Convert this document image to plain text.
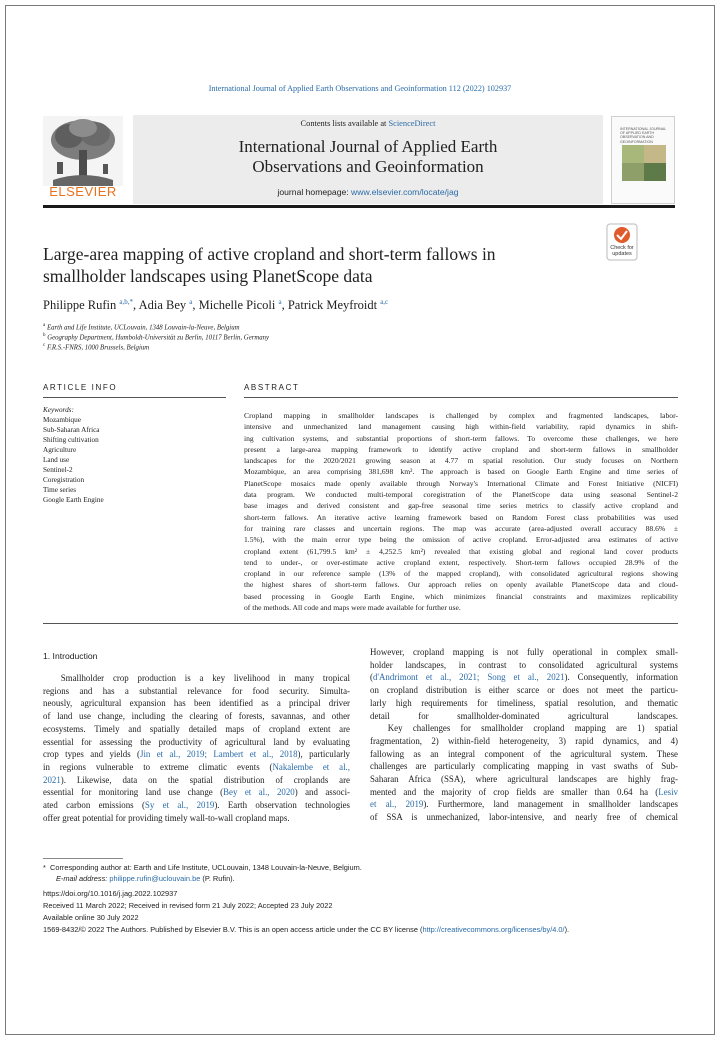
International Journal of Applied Earth Observations and Geoinformation 112 (2022) 102937
ELSEVIER
Contents lists available at ScienceDirect
International Journal of Applied Earth
Observations and Geoinformation
journal homepage: www.elsevier.com/locate/jag
INTERNATIONAL JOURNAL OF APPLIED EARTH OBSERVATION AND GEOINFORMATION
Check for
updates
Large-area mapping of active cropland and short-term fallows in
smallholder landscapes using PlanetScope data
Philippe Rufin $^{a,b,*}$, Adia Bey $^a$, Michelle Picoli $^a$, Patrick Meyfroidt $^{a,c}$
$^a$ Earth and Life Institute, UCLouvain, 1348 Louvain-la-Neuve, Belgium
$^b$ Geography Department, Humboldt-Universität zu Berlin, 10117 Berlin, Germany
$^c$ F.R.S.-FNRS, 1000 Brussels, Belgium
ARTICLE INFO	ABSTRACT
Keywords:
Mozambique
Sub-Saharan Africa
Shifting cultivation
Agriculture
Land use
Sentinel-2
Coregistration
Time series
Google Earth Engine
Cropland mapping in smallholder landscapes is challenged by complex and fragmented landscapes, labor-
intensive and unmechanized land management causing high within-field variability, rapid dynamics in shift-
ing cultivation systems, and substantial proportions of short-term fallows. To overcome these challenges, we here
present a large-area mapping framework to identify active cropland and short-term fallows in smallholder
landscapes for the 2020/2021 growing season at 4.77 m spatial resolution. Our study focuses on Northern
Mozambique, an area comprising 381,698 km². The approach is based on Google Earth Engine and time series of
PlanetScope mosaics made openly available through Norway's International Climate and Forest Initiative (NICFI)
data program. We conducted multi-temporal coregistration of the PlanetScope data using seasonal Sentinel-2
base images and derived consistent and gap-free seasonal time series metrics to classify active cropland and
short-term fallows. An iterative active learning framework based on Random Forest class probabilities was used
for training rare classes and uncertain regions. The map was accurate (area-adjusted overall accuracy 88.6% ±
1.5%), with the main error type being the omission of active cropland. Error-adjusted area estimates of active
cropland extent (61,799.5 km² ± 4,252.5 km²) revealed that existing global and regional land cover products
tend to under-, or over-estimate active cropland extent, respectively. Short-term fallows occupied 28.9% of the
cropland in our reference sample (13% of the mapped cropland), with consolidated agricultural regions showing
the highest shares of short-term fallows. Our approach relies on openly available PlanetScope data and cloud-
based processing in Google Earth Engine, which minimizes financial constraints and maximizes replicability
of the methods. All code and maps were made available for further use.
1. Introduction
  Smallholder crop production is a key livelihood in many tropical
regions and has a substantial relevance for food security. Simulta-
neously, agricultural expansion has been identified as a principal driver
of land use change, including the clearing of forests, savannas, and other
ecosystems. Timely and spatially detailed maps of cropland extent are
essential for assessing the productivity of agricultural land by evaluating
crop types and yields (Jin et al., 2019; Lambert et al., 2018), particularly
in regions vulnerable to extreme climatic events (Nakalembe et al.,
2021). Likewise, data on the spatial distribution of croplands are
essential for monitoring land use change (Bey et al., 2020) and associ-
ated carbon emissions (Sy et al., 2019). Earth observation technologies
offer great potential for providing timely wall-to-wall cropland maps.
However, cropland mapping is not fully operational in complex small-
holder landscapes, in contrast to consolidated agricultural systems
(d'Andrimont et al., 2021; Song et al., 2021). Consequently, information
on cropland distribution is either scarce or does not meet the particu-
larly high requirements for timeliness, spatial resolution, and thematic
detail for smallholder-dominated agricultural landscapes.
  Key challenges for smallholder cropland mapping are 1) spatial
fragmentation, 2) within-field heterogeneity, 3) rapid dynamics, and 4)
fallowing as an integral component of the agricultural system. These
challenges are particularly complicating mapping in vast swaths of Sub-
Saharan Africa (SSA), where agricultural landscapes are highly frag-
mented and the majority of crop fields are smaller than 0.64 ha (Lesiv
et al., 2019). Furthermore, land management in smallholder landscapes
of SSA is unmechanized, labor-intensive, and nearly free of chemical
* Corresponding author at: Earth and Life Institute, UCLouvain, 1348 Louvain-la-Neuve, Belgium.
E-mail address: philippe.rufin@uclouvain.be (P. Rufin).
https://doi.org/10.1016/j.jag.2022.102937
Received 11 March 2022; Received in revised form 21 July 2022; Accepted 23 July 2022
Available online 30 July 2022
1569-8432/© 2022 The Authors. Published by Elsevier B.V. This is an open access article under the CC BY license (http://creativecommons.org/licenses/by/4.0/).
